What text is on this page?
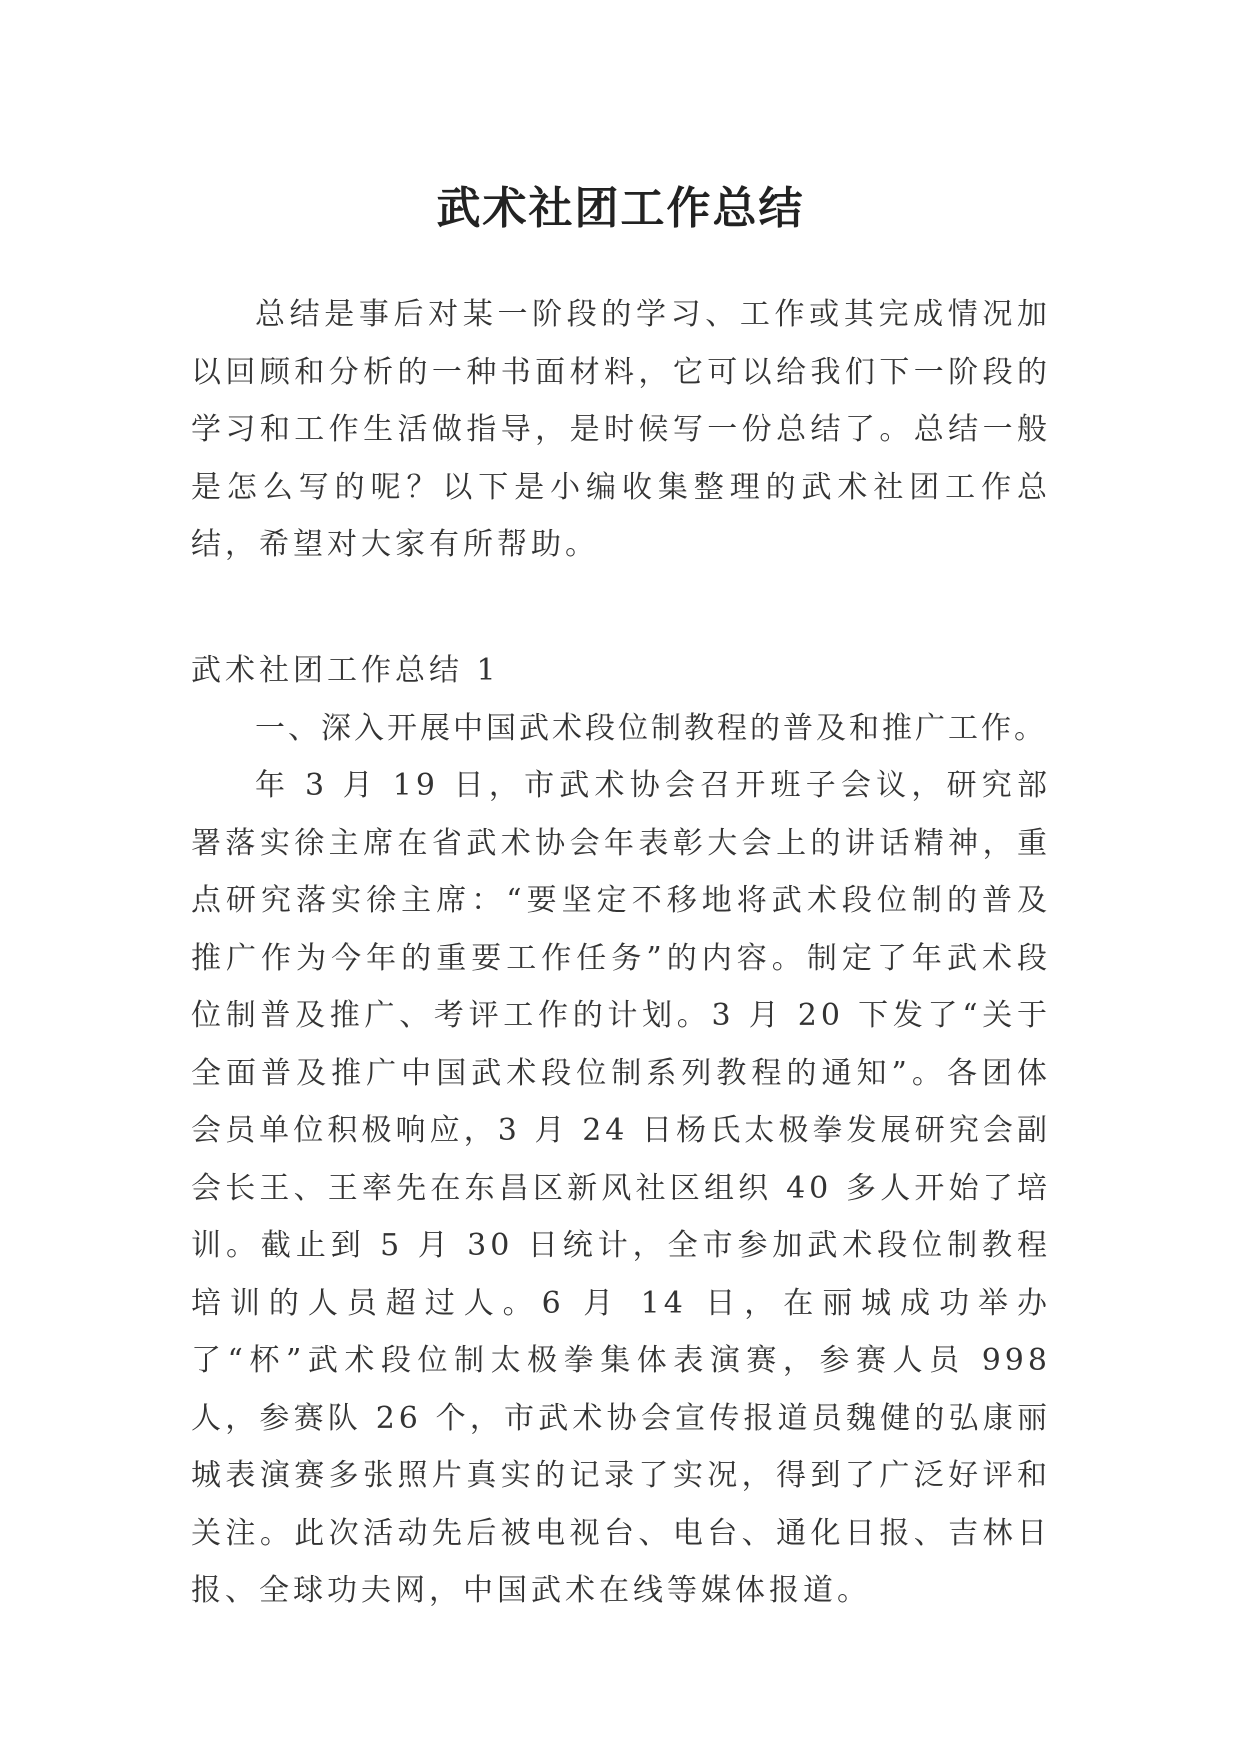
武术社团工作总结

总结是事后对某一阶段的学习、工作或其完成情况加以回顾和分析的一种书面材料，它可以给我们下一阶段的学习和工作生活做指导，是时候写一份总结了。总结一般是怎么写的呢？以下是小编收集整理的武术社团工作总结，希望对大家有所帮助。

武术社团工作总结 1

一、深入开展中国武术段位制教程的普及和推广工作。

年 3 月 19 日，市武术协会召开班子会议，研究部署落实徐主席在省武术协会年表彰大会上的讲话精神，重点研究落实徐主席：“要坚定不移地将武术段位制的普及推广作为今年的重要工作任务”的内容。制定了年武术段位制普及推广、考评工作的计划。3 月 20 下发了“关于全面普及推广中国武术段位制系列教程的通知”。各团体会员单位积极响应，3 月 24 日杨氏太极拳发展研究会副会长王、王率先在东昌区新风社区组织 40 多人开始了培训。截止到 5 月 30 日统计，全市参加武术段位制教程培训的人员超过人。6 月 14 日，在丽城成功举办了“杯”武术段位制太极拳集体表演赛，参赛人员 998 人，参赛队 26 个，市武术协会宣传报道员魏健的弘康丽城表演赛多张照片真实的记录了实况，得到了广泛好评和关注。此次活动先后被电视台、电台、通化日报、吉林日报、全球功夫网，中国武术在线等媒体报道。
